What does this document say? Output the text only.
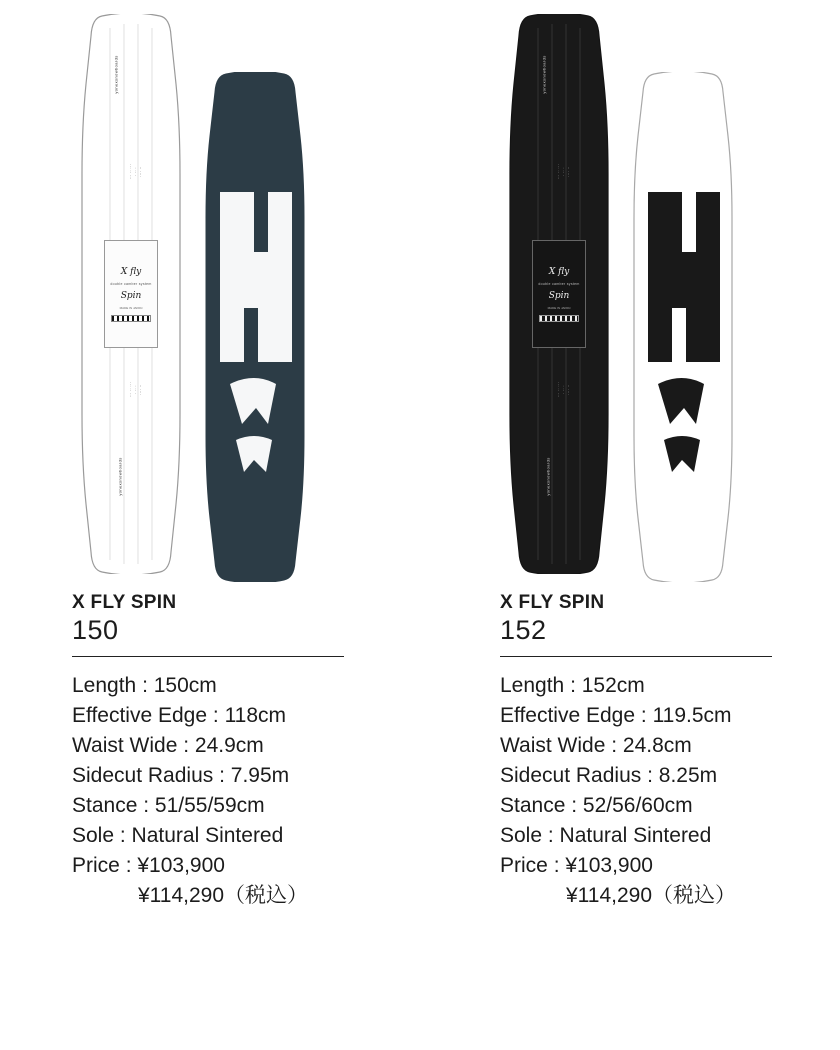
yonexsnowboards
··· ·· ···
· ·· ·
···· ··
··· ·· ···
· ·· ·
···· ··
yonexsnowboards
X fly
double camber system
Spin
MADE IN JAPAN
X FLY SPIN
150
Length : 150cm
Effective Edge : 118cm
Waist Wide : 24.9cm
Sidecut Radius : 7.95m
Stance : 51/55/59cm
Sole : Natural Sintered
Price : ¥103,900
¥114,290（税込）
yonexsnowboards
··· ·· ···
· ·· ·
···· ··
··· ·· ···
· ·· ·
···· ··
yonexsnowboards
X fly
double camber system
Spin
MADE IN JAPAN
X FLY SPIN
152
Length : 152cm
Effective Edge : 119.5cm
Waist Wide : 24.8cm
Sidecut Radius : 8.25m
Stance : 52/56/60cm
Sole : Natural Sintered
Price : ¥103,900
¥114,290（税込）
